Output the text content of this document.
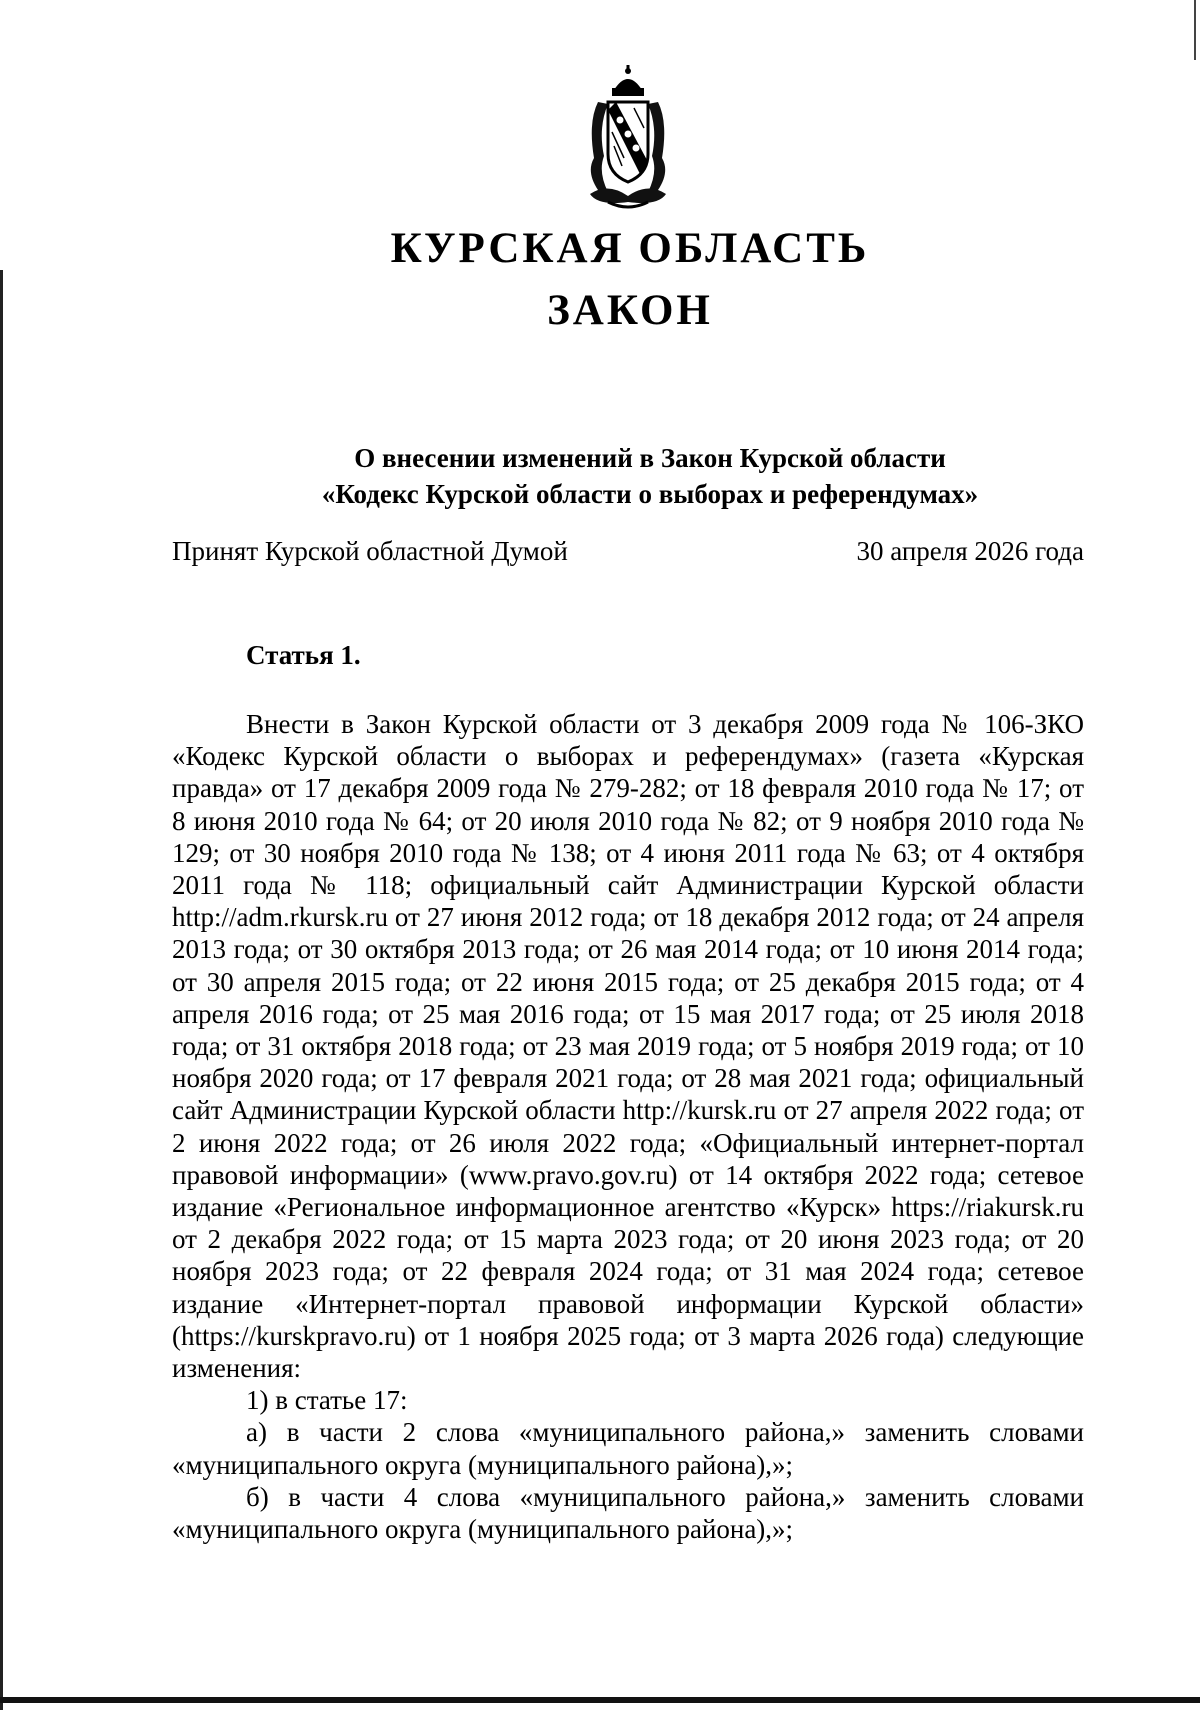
КУРСКАЯ ОБЛАСТЬ
ЗАКОН
О внесении изменений в Закон Курской области
«Кодекс Курской области о выборах и референдумах»
Принят Курской областной Думой	30 апреля 2026 года
Статья 1.

Внести в Закон Курской области от 3 декабря 2009 года № 106-ЗКО «Кодекс Курской области о выборах и референдумах» (газета «Курская правда» от 17 декабря 2009 года № 279-282; от 18 февраля 2010 года № 17; от 8 июня 2010 года № 64; от 20 июля 2010 года № 82; от 9 ноября 2010 года № 129; от 30 ноября 2010 года № 138; от 4 июня 2011 года № 63; от 4 октября 2011 года № 118; официальный сайт Администрации Курской области http://adm.rkursk.ru от 27 июня 2012 года; от 18 декабря 2012 года; от 24 апреля 2013 года; от 30 октября 2013 года; от 26 мая 2014 года; от 10 июня 2014 года; от 30 апреля 2015 года; от 22 июня 2015 года; от 25 декабря 2015 года; от 4 апреля 2016 года; от 25 мая 2016 года; от 15 мая 2017 года; от 25 июля 2018 года; от 31 октября 2018 года; от 23 мая 2019 года; от 5 ноября 2019 года; от 10 ноября 2020 года; от 17 февраля 2021 года; от 28 мая 2021 года; официальный сайт Администрации Курской области http://kursk.ru от 27 апреля 2022 года; от 2 июня 2022 года; от 26 июля 2022 года; «Официальный интернет-портал правовой информации» (www.pravo.gov.ru) от 14 октября 2022 года; сетевое издание «Региональное информационное агентство «Курск» https://riakursk.ru от 2 декабря 2022 года; от 15 марта 2023 года; от 20 июня 2023 года; от 20 ноября 2023 года; от 22 февраля 2024 года; от 31 мая 2024 года; сетевое издание «Интернет-портал правовой информации Курской области» (https://kurskpravo.ru) от 1 ноября 2025 года; от 3 марта 2026 года) следующие изменения:

1) в статье 17:

а) в части 2 слова «муниципального района,» заменить словами «муниципального округа (муниципального района),»;

б) в части 4 слова «муниципального района,» заменить словами «муниципального округа (муниципального района),»;
